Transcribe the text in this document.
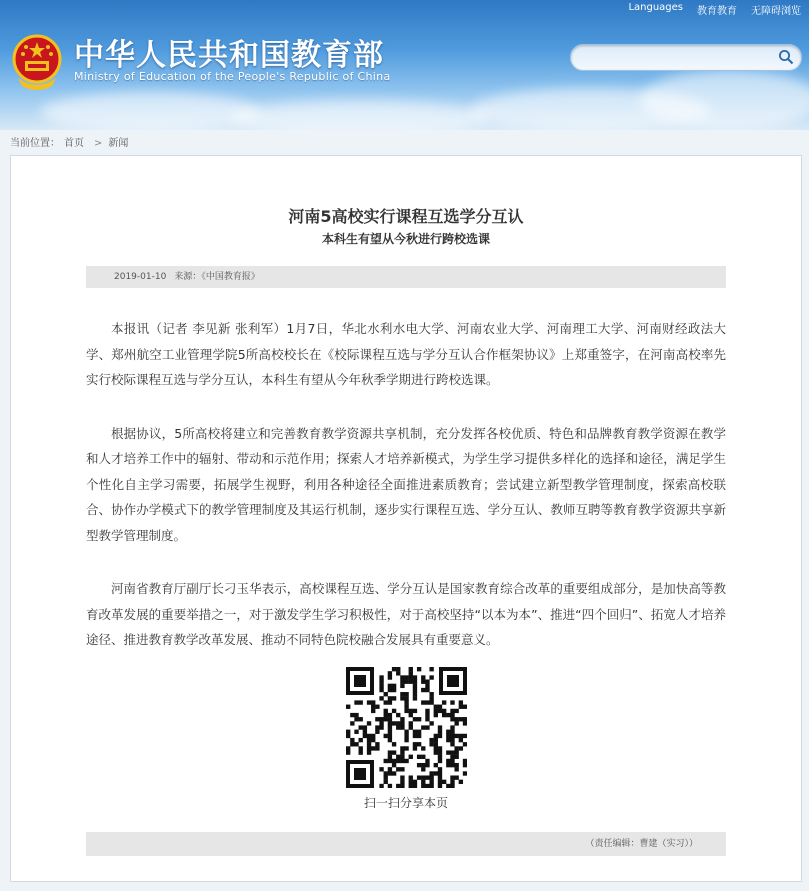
Languages 教育教育 无障碍浏览
中华人民共和国教育部
Ministry of Education of the People's Republic of China
当前位置： 首页 > 新闻
河南5高校实行课程互选学分互认
本科生有望从今秋进行跨校选课
2019-01-10 来源：《中国教育报》

本报讯（记者 李见新 张利军）1月7日，华北水利水电大学、河南农业大学、河南理工大学、河南财经政法大学、郑州航空工业管理学院5所高校校长在《校际课程互选与学分互认合作框架协议》上郑重签字，在河南高校率先实行校际课程互选与学分互认，本科生有望从今年秋季学期进行跨校选课。

根据协议，5所高校将建立和完善教育教学资源共享机制，充分发挥各校优质、特色和品牌教育教学资源在教学和人才培养工作中的辐射、带动和示范作用；探索人才培养新模式，为学生学习提供多样化的选择和途径，满足学生个性化自主学习需要，拓展学生视野，利用各种途径全面推进素质教育；尝试建立新型教学管理制度，探索高校联合、协作办学模式下的教学管理制度及其运行机制，逐步实行课程互选、学分互认、教师互聘等教育教学资源共享新型教学管理制度。

河南省教育厅副厅长刁玉华表示，高校课程互选、学分互认是国家教育综合改革的重要组成部分，是加快高等教育改革发展的重要举措之一，对于激发学生学习积极性，对于高校坚持“以本为本”、推进“四个回归”、拓宽人才培养途径、推进教育教学改革发展、推动不同特色院校融合发展具有重要意义。

扫一扫分享本页
（责任编辑：曹建（实习））
